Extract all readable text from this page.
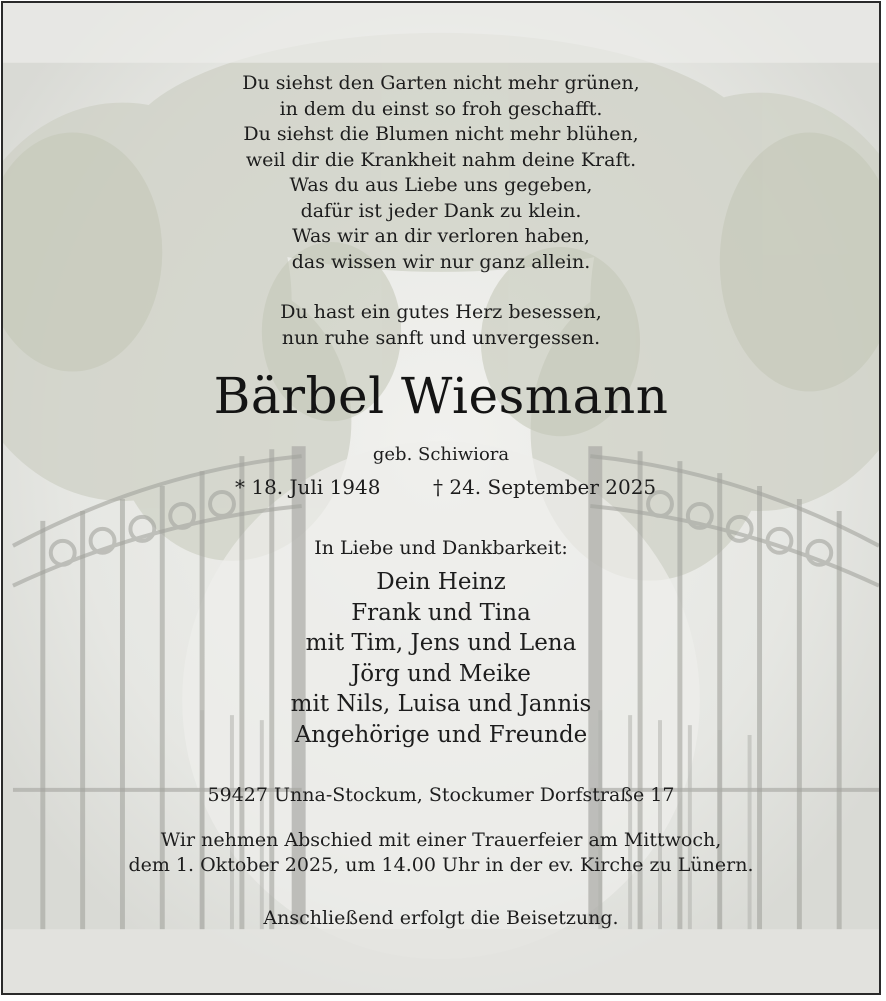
Du siehst den Garten nicht mehr grünen,
in dem du einst so froh geschafft.
Du siehst die Blumen nicht mehr blühen,
weil dir die Krankheit nahm deine Kraft.
Was du aus Liebe uns gegeben,
dafür ist jeder Dank zu klein.
Was wir an dir verloren haben,
das wissen wir nur ganz allein.
Du hast ein gutes Herz besessen,
nun ruhe sanft und unvergessen.
Bärbel Wiesmann
geb. Schiwiora
* 18. Juli 1948	† 24. September 2025
In Liebe und Dankbarkeit:
Dein Heinz
Frank und Tina
mit Tim, Jens und Lena
Jörg und Meike
mit Nils, Luisa und Jannis
Angehörige und Freunde
59427 Unna-Stockum, Stockumer Dorfstraße 17
Wir nehmen Abschied mit einer Trauerfeier am Mittwoch,
dem 1. Oktober 2025, um 14.00 Uhr in der ev. Kirche zu Lünern.
Anschließend erfolgt die Beisetzung.
